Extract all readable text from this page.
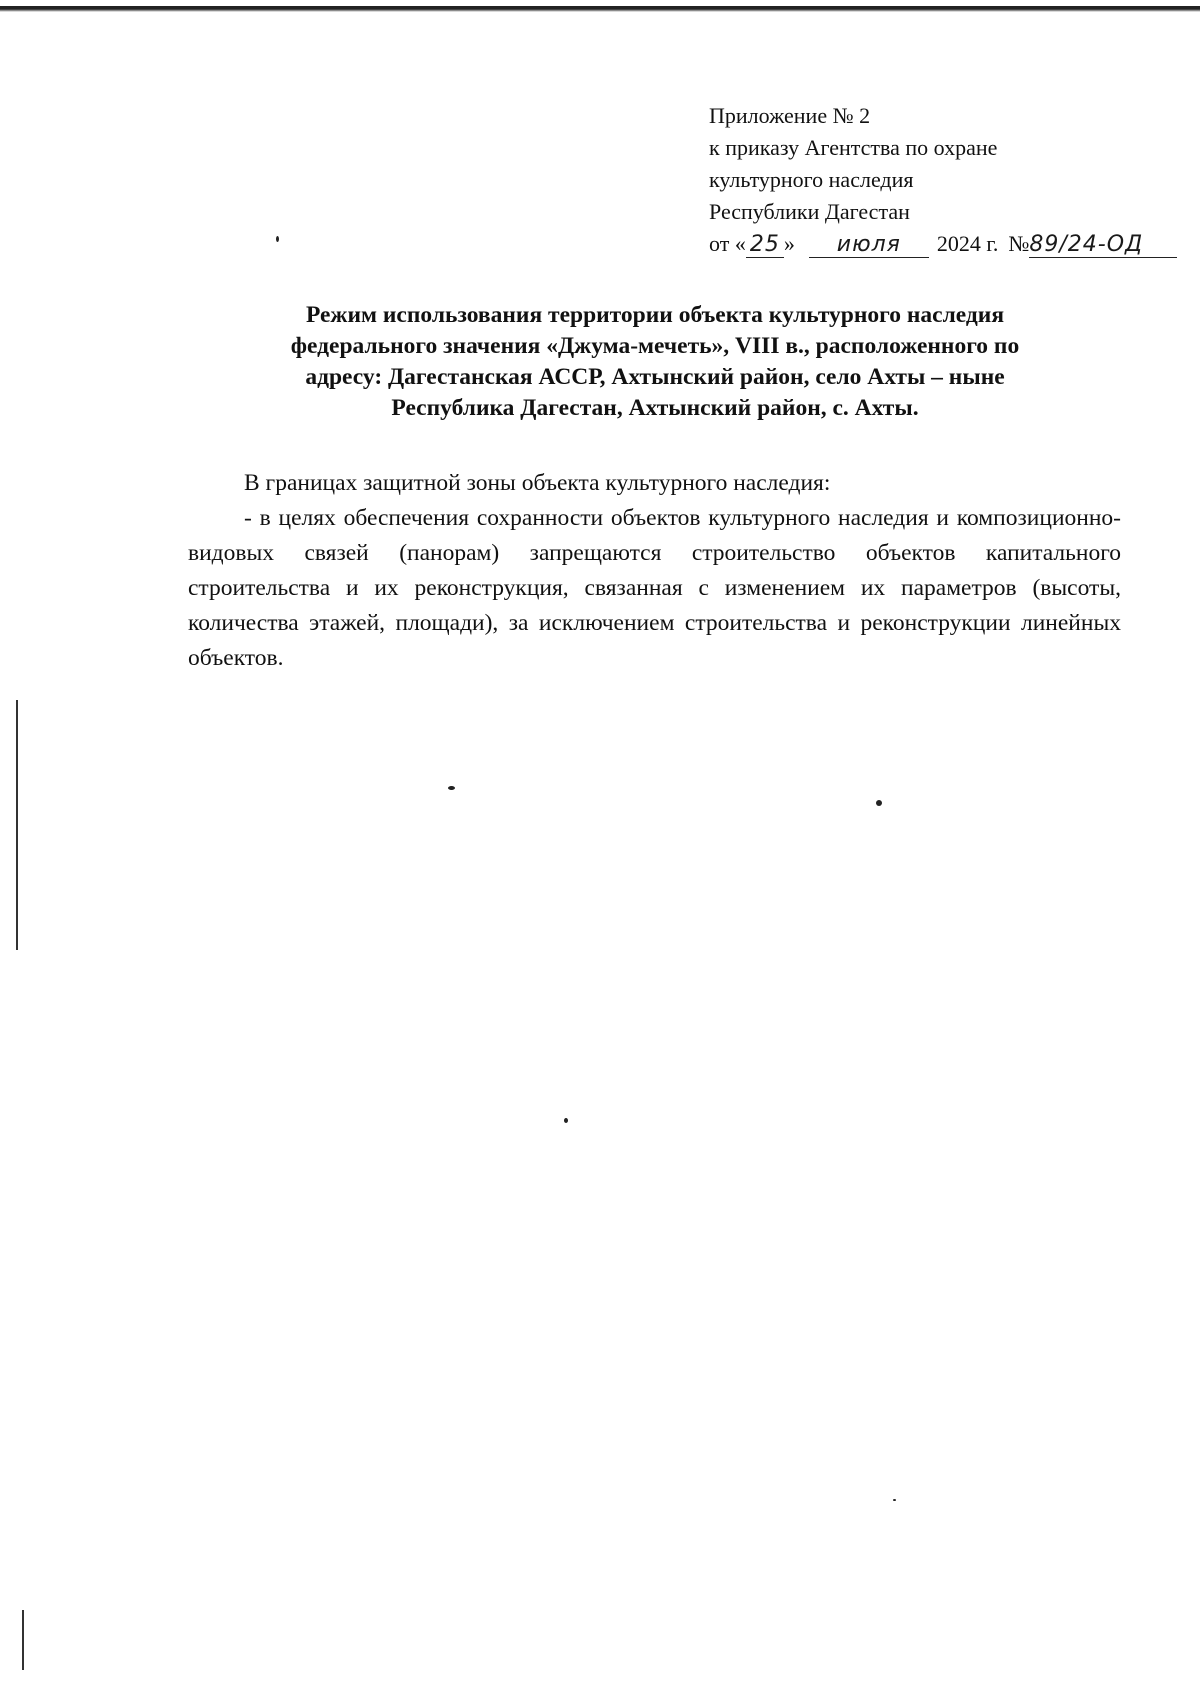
Приложение № 2
к приказу Агентства по охране
культурного наследия
Республики Дагестан
от « 25 »	июля	2024 г. № 89/24-ОД
Режим использования территории объекта культурного наследия
федерального значения «Джума-мечеть», VIII в., расположенного по
адресу: Дагестанская АССР, Ахтынский район, село Ахты – ныне
Республика Дагестан, Ахтынский район, с. Ахты.

В границах защитной зоны объекта культурного наследия:

- в целях обеспечения сохранности объектов культурного наследия и композиционно-видовых связей (панорам) запрещаются строительство объектов капитального строительства и их реконструкция, связанная с изменением их параметров (высоты, количества этажей, площади), за исключением строительства и реконструкции линейных объектов.
